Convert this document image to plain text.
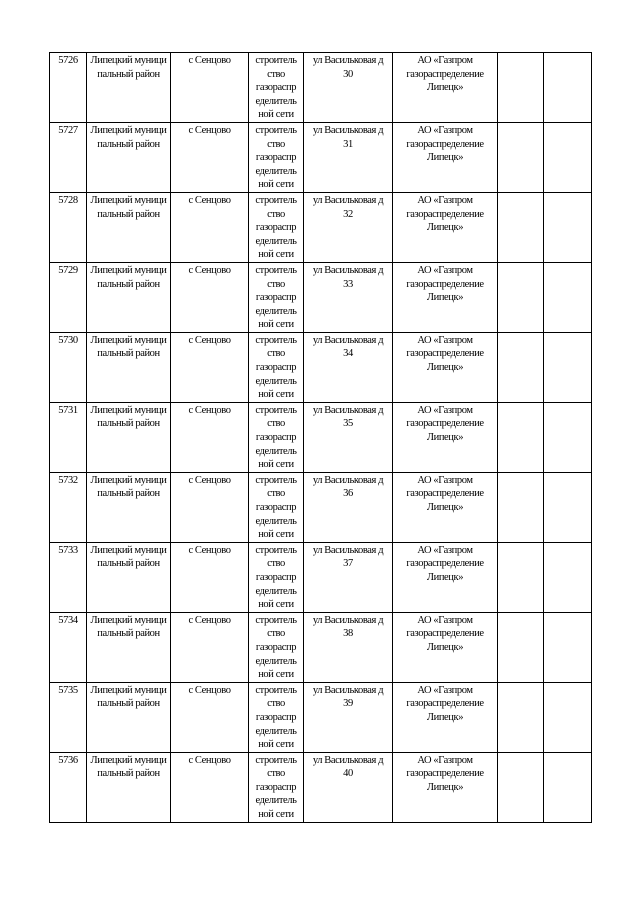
5726	Липецкий муниципальный район	с Сенцово	строитель
ство
газораспр
еделитель
ной сети	ул Васильковая д
30	АО «Газпром
газораспределение
Липецк»		
5727	Липецкий муниципальный район	с Сенцово	строитель
ство
газораспр
еделитель
ной сети	ул Васильковая д
31	АО «Газпром
газораспределение
Липецк»		
5728	Липецкий муниципальный район	с Сенцово	строитель
ство
газораспр
еделитель
ной сети	ул Васильковая д
32	АО «Газпром
газораспределение
Липецк»		
5729	Липецкий муниципальный район	с Сенцово	строитель
ство
газораспр
еделитель
ной сети	ул Васильковая д
33	АО «Газпром
газораспределение
Липецк»		
5730	Липецкий муниципальный район	с Сенцово	строитель
ство
газораспр
еделитель
ной сети	ул Васильковая д
34	АО «Газпром
газораспределение
Липецк»		
5731	Липецкий муниципальный район	с Сенцово	строитель
ство
газораспр
еделитель
ной сети	ул Васильковая д
35	АО «Газпром
газораспределение
Липецк»		
5732	Липецкий муниципальный район	с Сенцово	строитель
ство
газораспр
еделитель
ной сети	ул Васильковая д
36	АО «Газпром
газораспределение
Липецк»		
5733	Липецкий муниципальный район	с Сенцово	строитель
ство
газораспр
еделитель
ной сети	ул Васильковая д
37	АО «Газпром
газораспределение
Липецк»		
5734	Липецкий муниципальный район	с Сенцово	строитель
ство
газораспр
еделитель
ной сети	ул Васильковая д
38	АО «Газпром
газораспределение
Липецк»		
5735	Липецкий муниципальный район	с Сенцово	строитель
ство
газораспр
еделитель
ной сети	ул Васильковая д
39	АО «Газпром
газораспределение
Липецк»		
5736	Липецкий муниципальный район	с Сенцово	строитель
ство
газораспр
еделитель
ной сети	ул Васильковая д
40	АО «Газпром
газораспределение
Липецк»		
